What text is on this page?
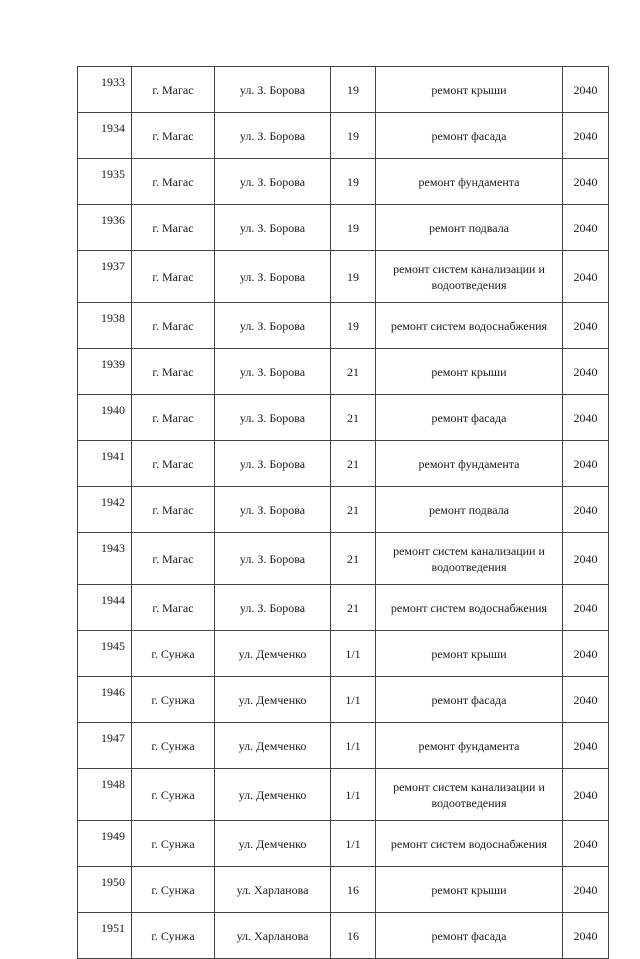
1933	г. Магас	ул. З. Борова	19	ремонт крыши	2040
1934	г. Магас	ул. З. Борова	19	ремонт фасада	2040
1935	г. Магас	ул. З. Борова	19	ремонт фундамента	2040
1936	г. Магас	ул. З. Борова	19	ремонт подвала	2040
1937	г. Магас	ул. З. Борова	19	ремонт систем канализации и водоотведения	2040
1938	г. Магас	ул. З. Борова	19	ремонт систем водоснабжения	2040
1939	г. Магас	ул. З. Борова	21	ремонт крыши	2040
1940	г. Магас	ул. З. Борова	21	ремонт фасада	2040
1941	г. Магас	ул. З. Борова	21	ремонт фундамента	2040
1942	г. Магас	ул. З. Борова	21	ремонт подвала	2040
1943	г. Магас	ул. З. Борова	21	ремонт систем канализации и водоотведения	2040
1944	г. Магас	ул. З. Борова	21	ремонт систем водоснабжения	2040
1945	г. Сунжа	ул. Демченко	1/1	ремонт крыши	2040
1946	г. Сунжа	ул. Демченко	1/1	ремонт фасада	2040
1947	г. Сунжа	ул. Демченко	1/1	ремонт фундамента	2040
1948	г. Сунжа	ул. Демченко	1/1	ремонт систем канализации и водоотведения	2040
1949	г. Сунжа	ул. Демченко	1/1	ремонт систем водоснабжения	2040
1950	г. Сунжа	ул. Харланова	16	ремонт крыши	2040
1951	г. Сунжа	ул. Харланова	16	ремонт фасада	2040
